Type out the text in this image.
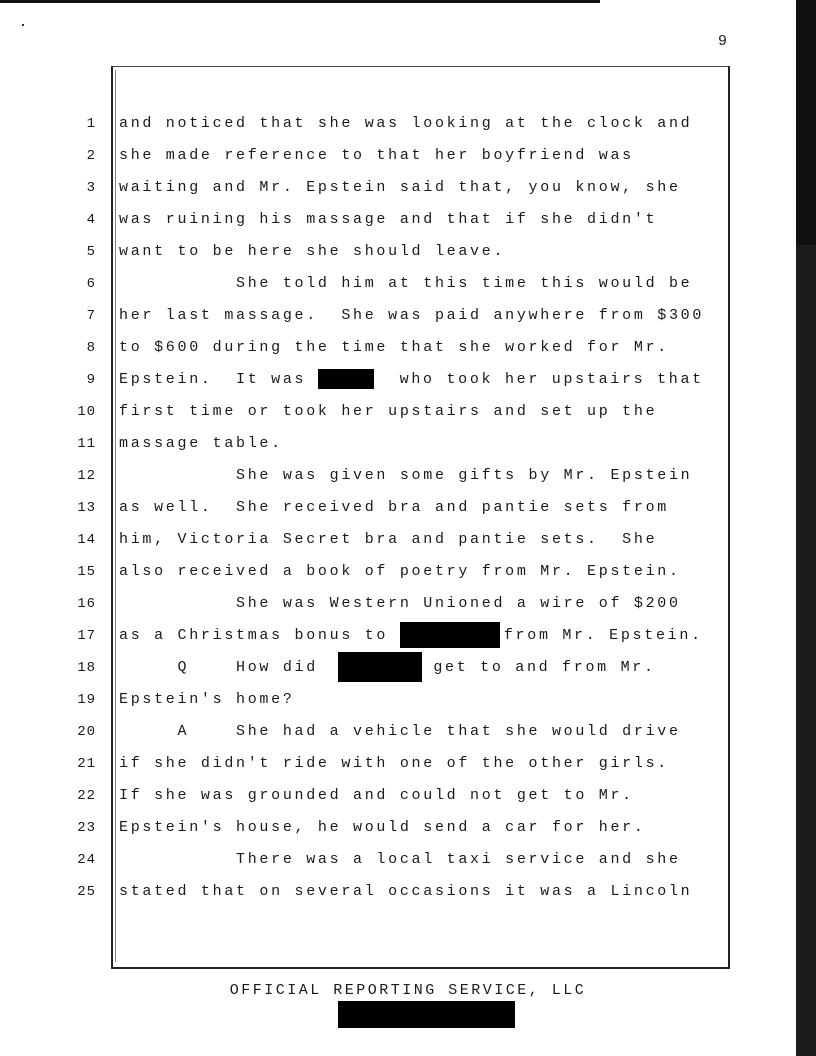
9
1 and noticed that she was looking at the clock and
2 she made reference to that her boyfriend was
3 waiting and Mr. Epstein said that, you know, she
4 was ruining his massage and that if she didn't
5 want to be here she should leave.
6 She told him at this time this would be
7 her last massage.  She was paid anywhere from $300
8 to $600 during the time that she worked for Mr.
9 Epstein.  It was	who took her upstairs that
10 first time or took her upstairs and set up the
11 massage table.
12 She was given some gifts by Mr. Epstein
13 as well.  She received bra and pantie sets from
14 him, Victoria Secret bra and pantie sets.  She
15 also received a book of poetry from Mr. Epstein.
16 She was Western Unioned a wire of $200
17 as a Christmas bonus to	from Mr. Epstein.
18 Q    How did	get to and from Mr.
19 Epstein's home?
20 A    She had a vehicle that she would drive
21 if she didn't ride with one of the other girls.
22 If she was grounded and could not get to Mr.
23 Epstein's house, he would send a car for her.
24 There was a local taxi service and she
25 stated that on several occasions it was a Lincoln
OFFICIAL REPORTING SERVICE, LLC
